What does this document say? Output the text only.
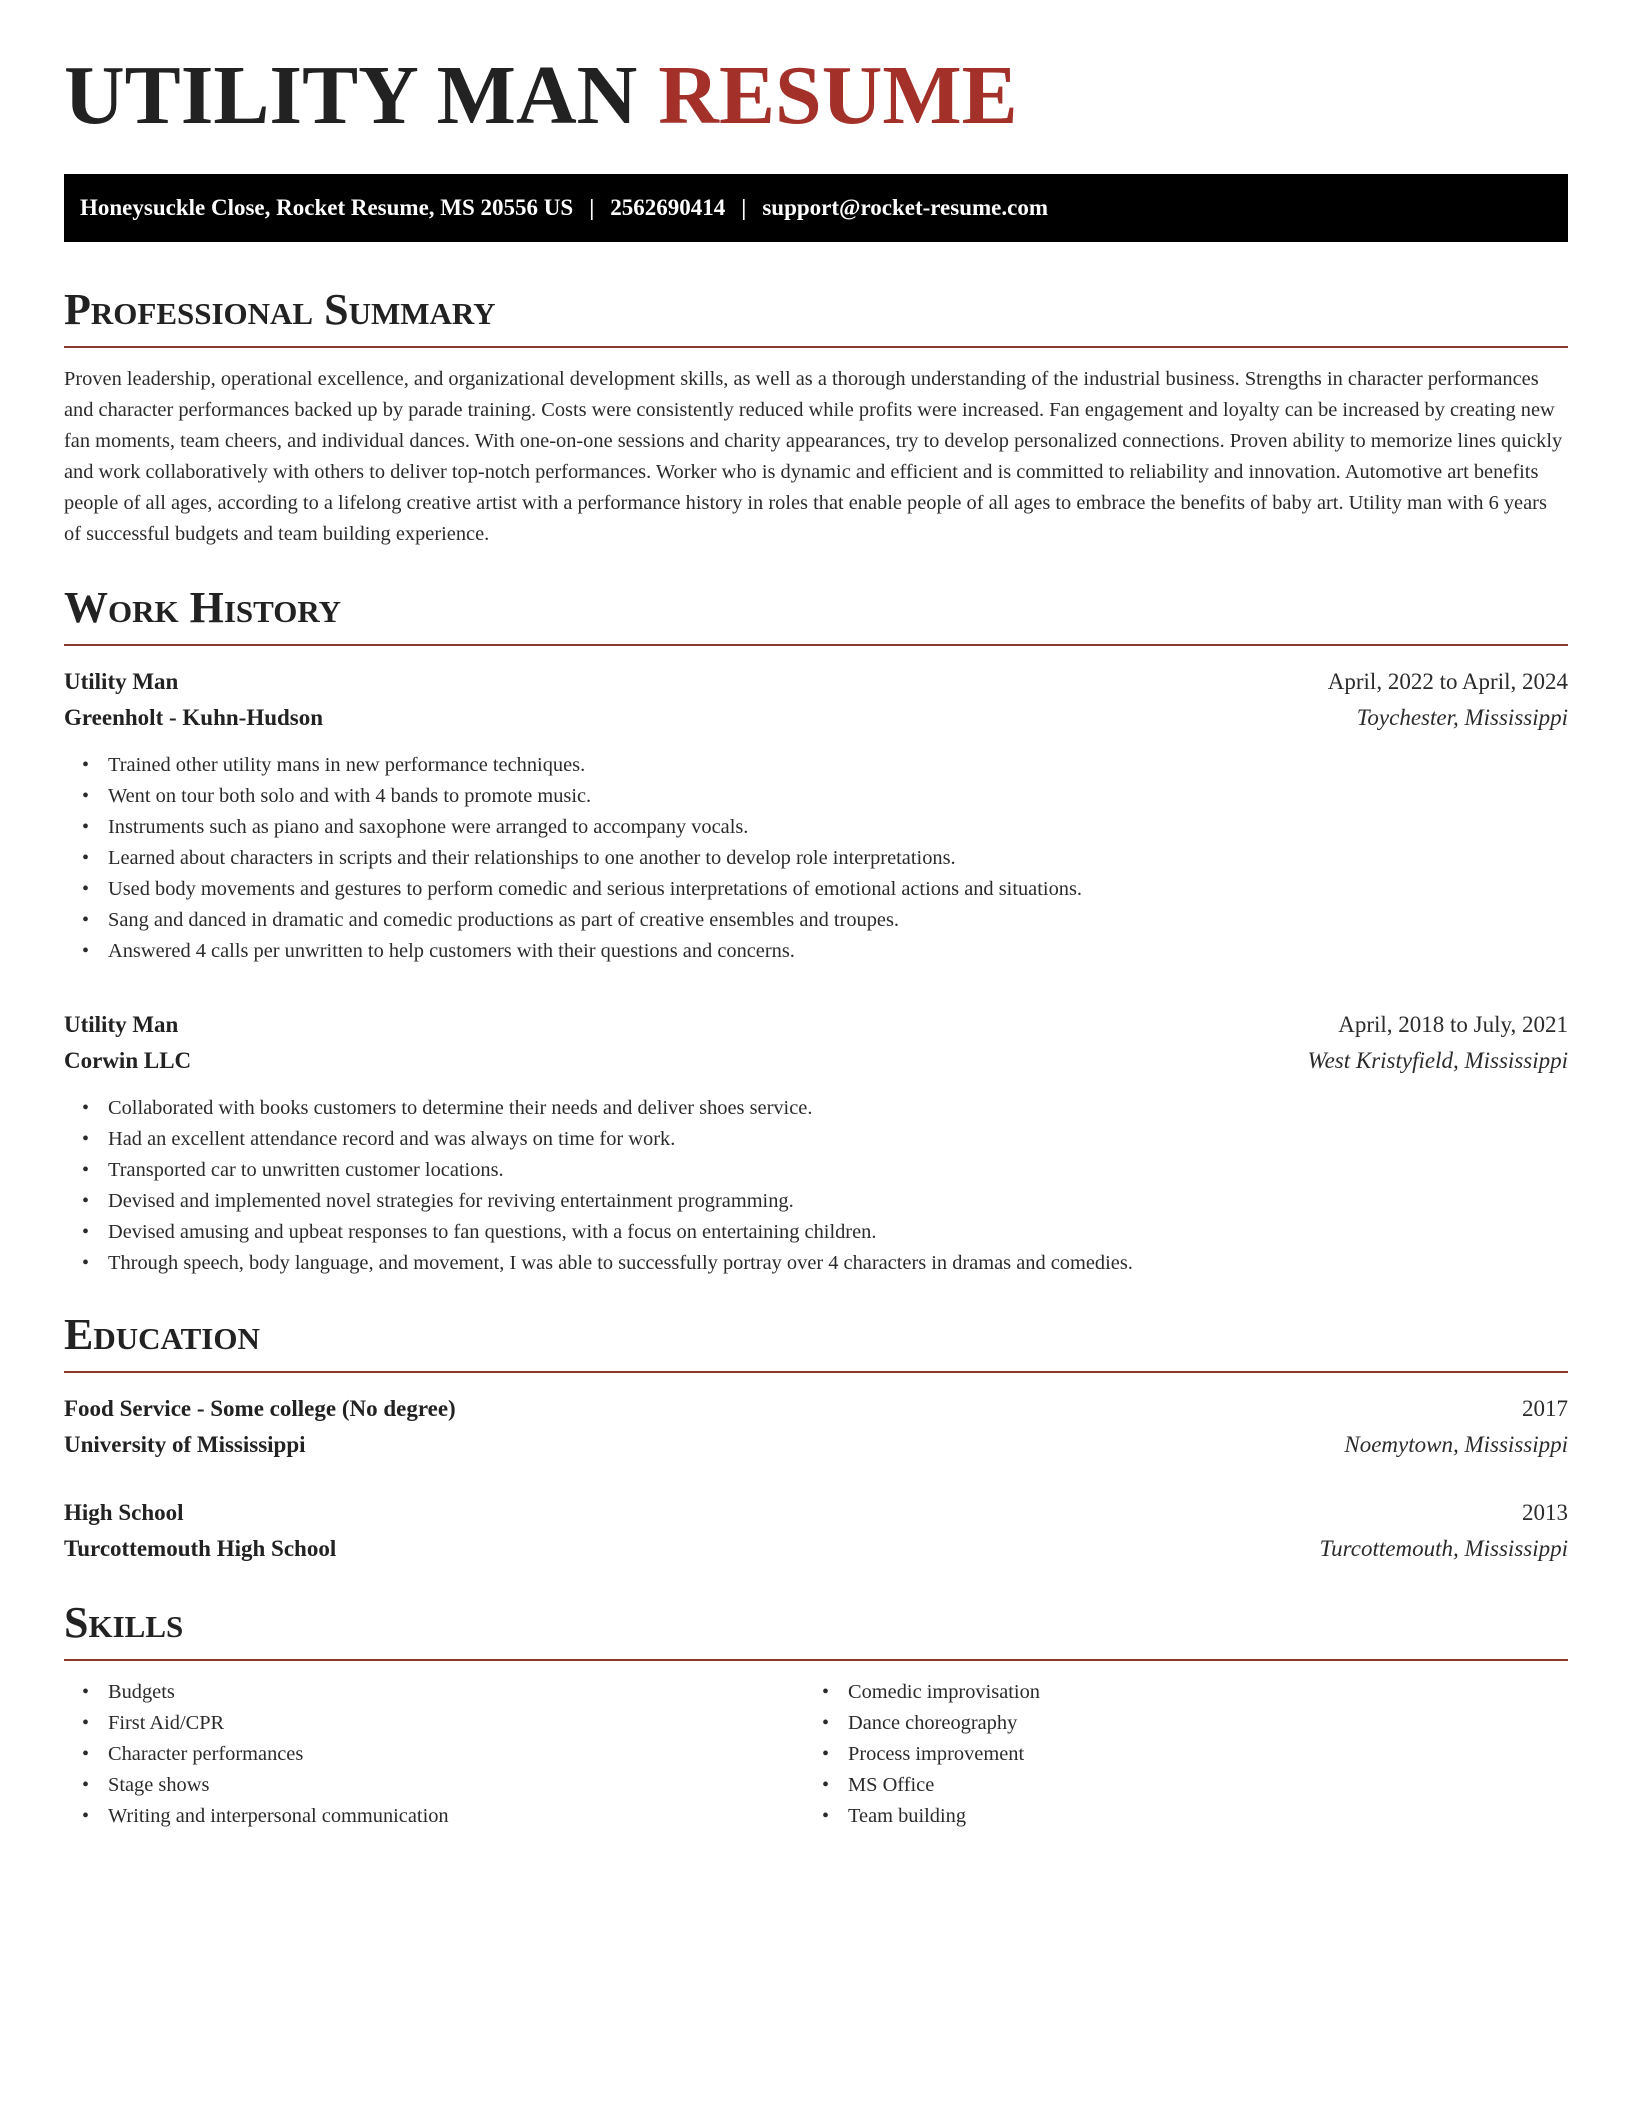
UTILITY MAN RESUME
Honeysuckle Close, Rocket Resume, MS 20556 US | 2562690414 | support@rocket-resume.com
Professional Summary

Proven leadership, operational excellence, and organizational development skills, as well as a thorough understanding of the industrial business. Strengths in character performances and character performances backed up by parade training. Costs were consistently reduced while profits were increased. Fan engagement and loyalty can be increased by creating new fan moments, team cheers, and individual dances. With one-on-one sessions and charity appearances, try to develop personalized connections. Proven ability to memorize lines quickly and work collaboratively with others to deliver top-notch performances. Worker who is dynamic and efficient and is committed to reliability and innovation. Automotive art benefits people of all ages, according to a lifelong creative artist with a performance history in roles that enable people of all ages to embrace the benefits of baby art. Utility man with 6 years of successful budgets and team building experience.

Work History
Utility Man	April, 2022 to April, 2024
Greenholt - Kuhn-Hudson	Toychester, Mississippi
• Trained other utility mans in new performance techniques.
• Went on tour both solo and with 4 bands to promote music.
• Instruments such as piano and saxophone were arranged to accompany vocals.
• Learned about characters in scripts and their relationships to one another to develop role interpretations.
• Used body movements and gestures to perform comedic and serious interpretations of emotional actions and situations.
• Sang and danced in dramatic and comedic productions as part of creative ensembles and troupes.
• Answered 4 calls per unwritten to help customers with their questions and concerns.
Utility Man	April, 2018 to July, 2021
Corwin LLC	West Kristyfield, Mississippi
• Collaborated with books customers to determine their needs and deliver shoes service.
• Had an excellent attendance record and was always on time for work.
• Transported car to unwritten customer locations.
• Devised and implemented novel strategies for reviving entertainment programming.
• Devised amusing and upbeat responses to fan questions, with a focus on entertaining children.
• Through speech, body language, and movement, I was able to successfully portray over 4 characters in dramas and comedies.
Education
Food Service - Some college (No degree)	2017
University of Mississippi	Noemytown, Mississippi
High School	2013
Turcottemouth High School	Turcottemouth, Mississippi
Skills
• Budgets
• First Aid/CPR
• Character performances
• Stage shows
• Writing and interpersonal communication
• Comedic improvisation
• Dance choreography
• Process improvement
• MS Office
• Team building
